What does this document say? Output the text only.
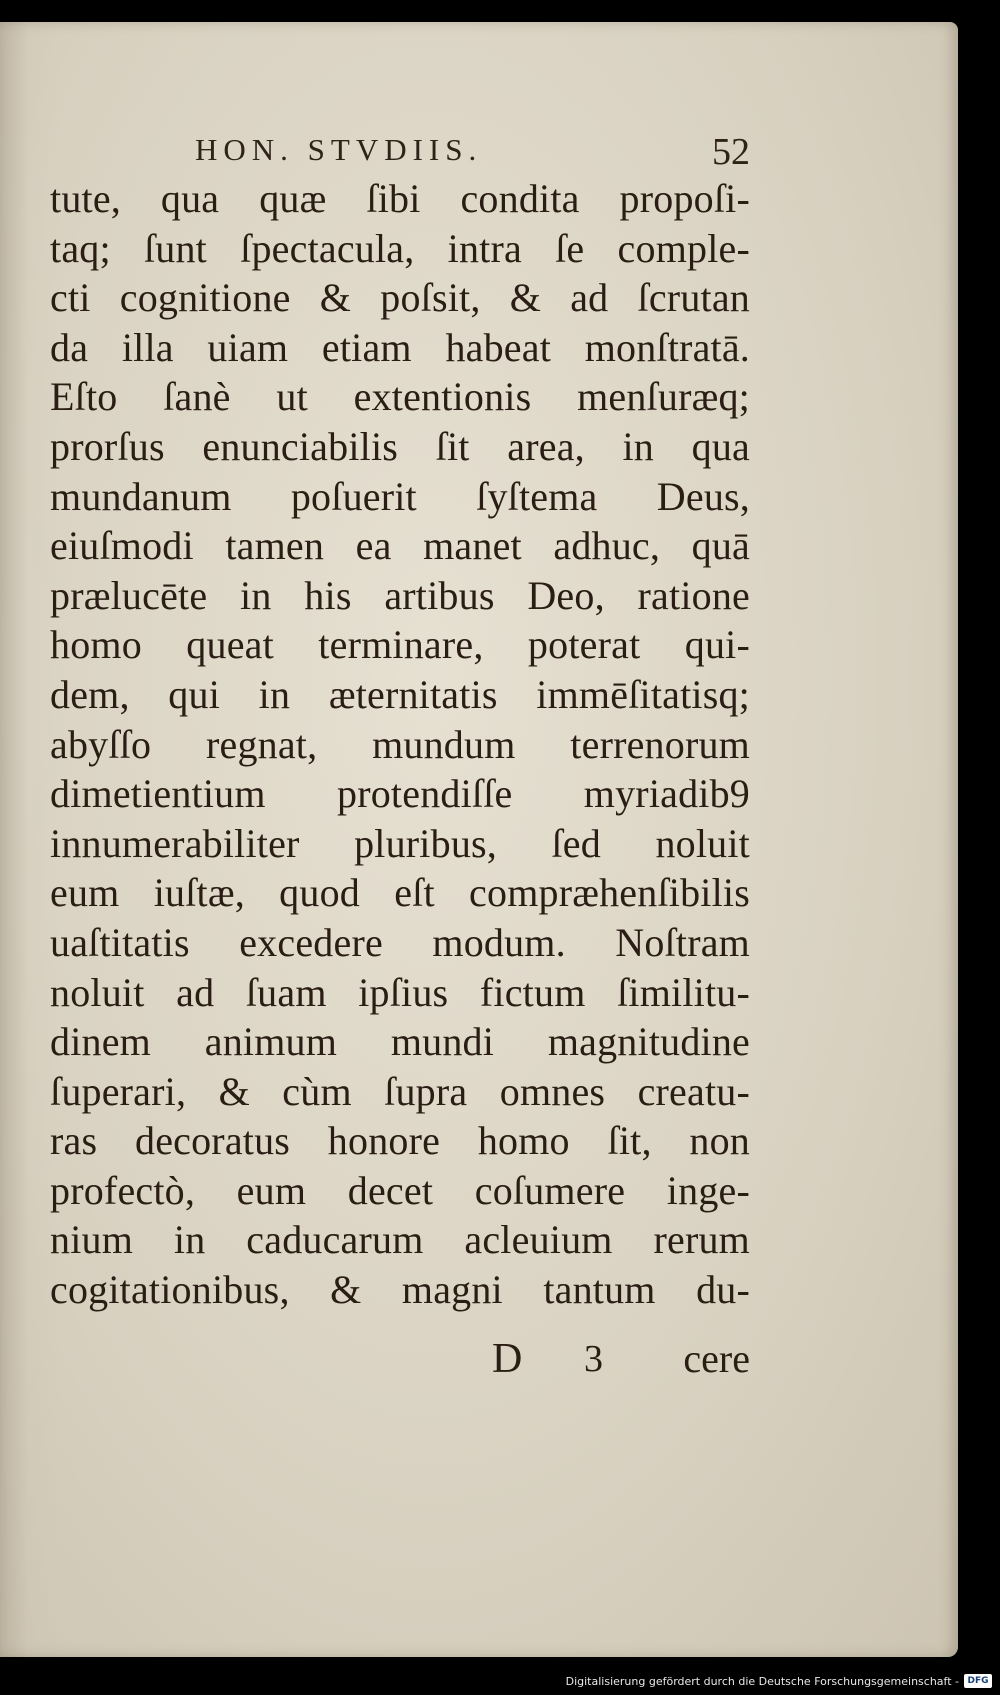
HON. STVDIIS.	52
tute, qua quæ ſibi condita propoſi-
taq; ſunt ſpectacula, intra ſe comple-
cti cognitione & poſsit, & ad ſcrutan
da illa uiam etiam habeat monſtratā.
Eſto ſanè ut extentionis menſuræq;
prorſus enunciabilis ſit area, in qua
mundanum poſuerit ſyſtema Deus,
eiuſmodi tamen ea manet adhuc, quā
prælucēte in his artibus Deo, ratione
homo queat terminare, poterat qui-
dem, qui in æternitatis immēſitatisq;
abyſſo regnat, mundum terrenorum
dimetientium protendiſſe myriadib9
innumerabiliter pluribus, ſed noluit
eum iuſtæ, quod eſt compræhenſibilis
uaſtitatis excedere modum. Noſtram
noluit ad ſuam ipſius fictum ſimilitu-
dinem animum mundi magnitudine
ſuperari, & cùm ſupra omnes creatu-
ras decoratus honore homo ſit, non
profectò, eum decet coſumere inge-
nium in caducarum acleuium rerum
cogitationibus, & magni tantum du-
D 3 cere
Digitalisierung gefördert durch die Deutsche Forschungsgemeinschaft - DFG
